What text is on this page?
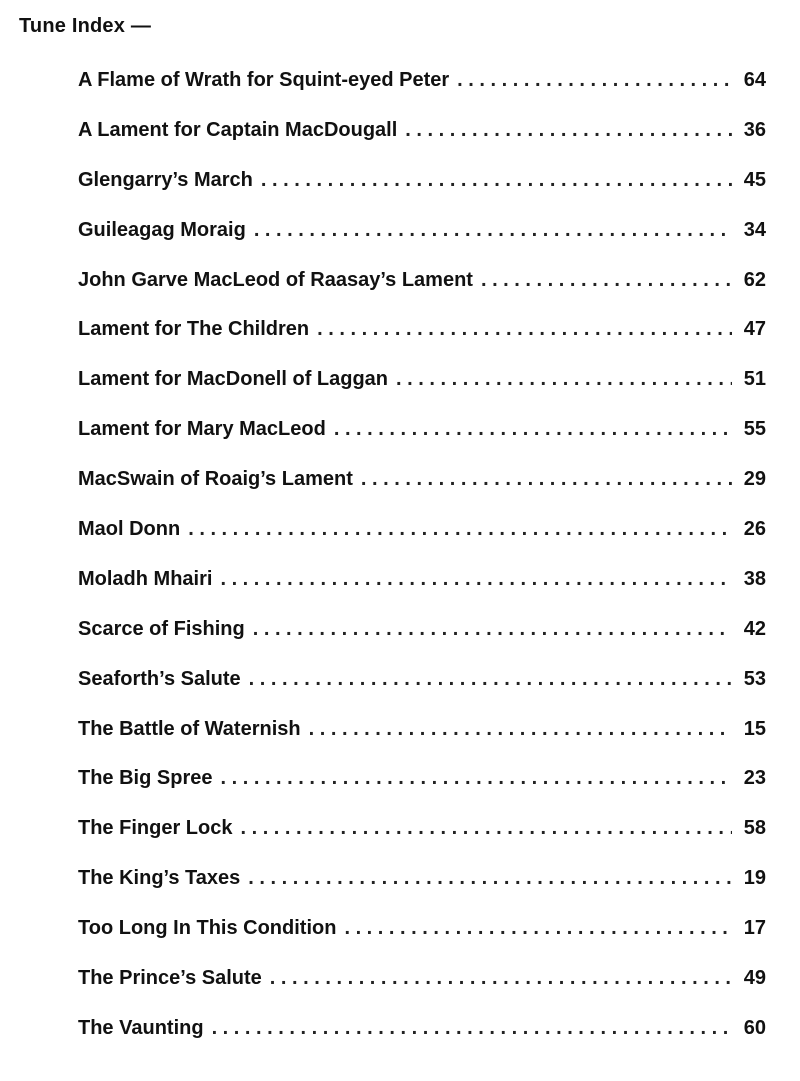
Tune Index —
A Flame of Wrath for Squint-eyed Peter . . .	64
A Lament for Captain MacDougall . . .	36
Glengarry’s March . . .	45
Guileagag Moraig . . .	34
John Garve MacLeod of Raasay’s Lament . . .	62
Lament for The Children . . .	47
Lament for MacDonell of Laggan . . .	51
Lament for Mary MacLeod . . .	55
MacSwain of Roaig’s Lament . . .	29
Maol Donn . . .	26
Moladh Mhairi . . .	38
Scarce of Fishing . . .	42
Seaforth’s Salute . . .	53
The Battle of Waternish . . .	15
The Big Spree . . .	23
The Finger Lock . . .	58
The King’s Taxes . . .	19
Too Long In This Condition . . .	17
The Prince’s Salute . . .	49
The Vaunting . . .	60
